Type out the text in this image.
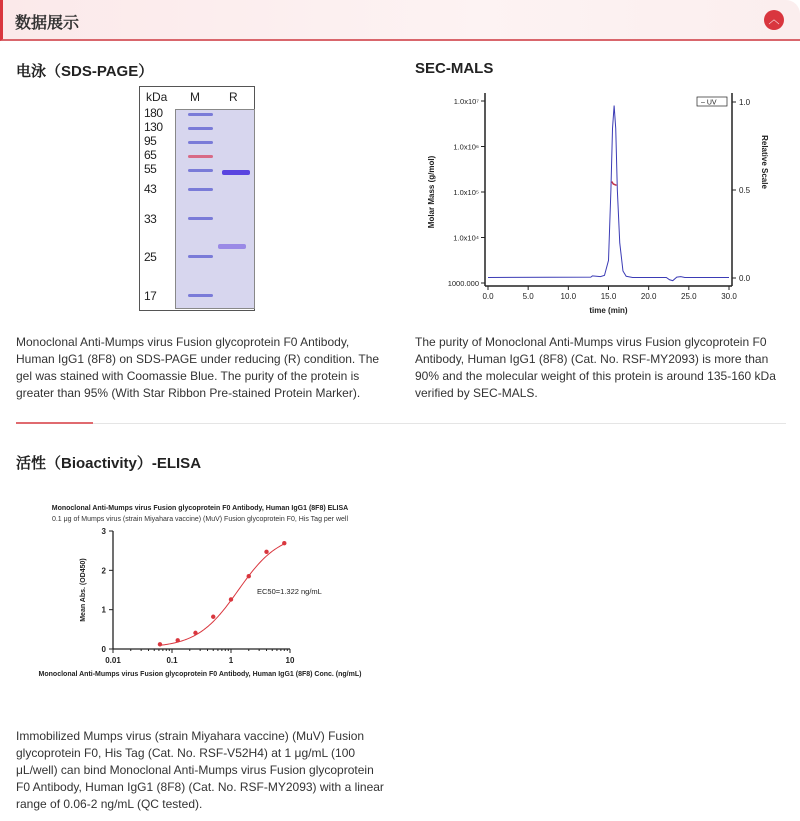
数据展示	︿
电泳（SDS-PAGE）	SEC-MALS
kDa M R
180
130
95
65
55
43
33
25
17
Monoclonal Anti-Mumps virus Fusion glycoprotein F0 Antibody, Human IgG1 (8F8) on SDS-PAGE under reducing (R) condition. The gel was stained with Coomassie Blue. The purity of the protein is greater than 95% (With Star Ribbon Pre-stained Protein Marker).
0.0	5.0	10.0	15.0	20.0	25.0	30.0
1000.000
1.0x10⁴
1.0x10⁵
1.0x10⁶
1.0x10⁷
0.0
0.5
1.0
time (min)
Molar Mass (g/mol)	Relative Scale
– UV
The purity of Monoclonal Anti-Mumps virus Fusion glycoprotein F0 Antibody, Human IgG1 (8F8) (Cat. No. RSF-MY2093) is more than 90% and the molecular weight of this protein is around 135-160 kDa verified by SEC-MALS.
活性（Bioactivity）-ELISA
Monoclonal Anti-Mumps virus Fusion glycoprotein F0 Antibody, Human IgG1 (8F8) ELISA
0.1 μg of Mumps virus (strain Miyahara vaccine) (MuV) Fusion glycoprotein F0, His Tag per well
0
1
2
3
0.01	0.1	1	10
Monoclonal Anti-Mumps virus Fusion glycoprotein F0 Antibody, Human IgG1 (8F8) Conc. (ng/mL)
Mean Abs. (OD450)	EC50=1.322 ng/mL
Immobilized Mumps virus (strain Miyahara vaccine) (MuV) Fusion glycoprotein F0, His Tag (Cat. No. RSF-V52H4) at 1 μg/mL (100 μL/well) can bind Monoclonal Anti-Mumps virus Fusion glycoprotein F0 Antibody, Human IgG1 (8F8) (Cat. No. RSF-MY2093) with a linear range of 0.06-2 ng/mL (QC tested).
